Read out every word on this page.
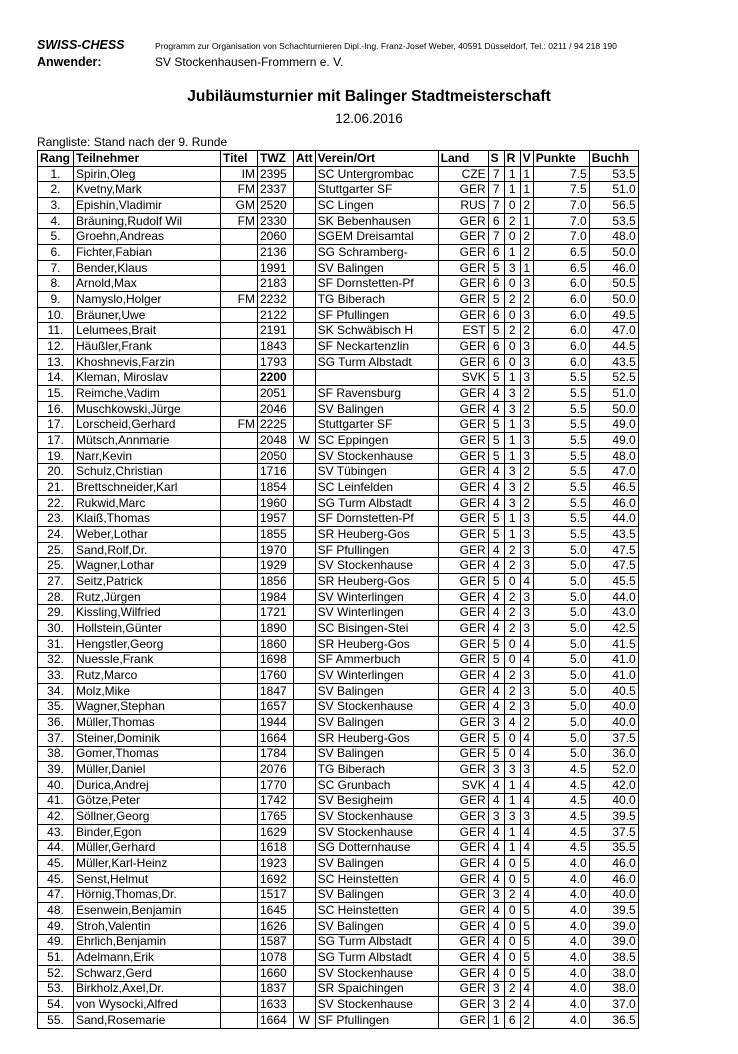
SWISS-CHESS	Programm zur Organisation von Schachturnieren Dipl.-Ing. Franz-Josef Weber, 40591 Düsseldorf, Tel.: 0211 / 94 218 190
Anwender:	SV Stockenhausen-Frommern e. V.
Jubiläumsturnier mit Balinger Stadtmeisterschaft
12.06.2016
Rangliste: Stand nach der 9. Runde
Rang	Teilnehmer	Titel	TWZ	Att	Verein/Ort	Land	S	R	V	Punkte	Buchh
1.	Spirin,Oleg	IM	2395		SC Untergrombac	CZE	7	1	1	7.5	53.5
2.	Kvetny,Mark	FM	2337		Stuttgarter SF	GER	7	1	1	7.5	51.0
3.	Epishin,Vladimir	GM	2520		SC Lingen	RUS	7	0	2	7.0	56.5
4.	Bräuning,Rudolf Wil	FM	2330		SK Bebenhausen	GER	6	2	1	7.0	53.5
5.	Groehn,Andreas		2060		SGEM Dreisamtal	GER	7	0	2	7.0	48.0
6.	Fichter,Fabian		2136		SG Schramberg-	GER	6	1	2	6.5	50.0
7.	Bender,Klaus		1991		SV Balingen	GER	5	3	1	6.5	46.0
8.	Arnold,Max		2183		SF Dornstetten-Pf	GER	6	0	3	6.0	50.5
9.	Namyslo,Holger	FM	2232		TG Biberach	GER	5	2	2	6.0	50.0
10.	Bräuner,Uwe		2122		SF Pfullingen	GER	6	0	3	6.0	49.5
11.	Lelumees,Brait		2191		SK Schwäbisch H	EST	5	2	2	6.0	47.0
12.	Häußler,Frank		1843		SF Neckartenzlin	GER	6	0	3	6.0	44.5
13.	Khoshnevis,Farzin		1793		SG Turm Albstadt	GER	6	0	3	6.0	43.5
14.	Kleman, Miroslav		2200			SVK	5	1	3	5.5	52.5
15.	Reimche,Vadim		2051		SF Ravensburg	GER	4	3	2	5.5	51.0
16.	Muschkowski,Jürge		2046		SV Balingen	GER	4	3	2	5.5	50.0
17.	Lorscheid,Gerhard	FM	2225		Stuttgarter SF	GER	5	1	3	5.5	49.0
17.	Mütsch,Annmarie		2048	W	SC Eppingen	GER	5	1	3	5.5	49.0
19.	Narr,Kevin		2050		SV Stockenhause	GER	5	1	3	5.5	48.0
20.	Schulz,Christian		1716		SV Tübingen	GER	4	3	2	5.5	47.0
21.	Brettschneider,Karl		1854		SC Leinfelden	GER	4	3	2	5.5	46.5
22.	Rukwid,Marc		1960		SG Turm Albstadt	GER	4	3	2	5.5	46.0
23.	Klaiß,Thomas		1957		SF Dornstetten-Pf	GER	5	1	3	5.5	44.0
24.	Weber,Lothar		1855		SR Heuberg-Gos	GER	5	1	3	5.5	43.5
25.	Sand,Rolf,Dr.		1970		SF Pfullingen	GER	4	2	3	5.0	47.5
25.	Wagner,Lothar		1929		SV Stockenhause	GER	4	2	3	5.0	47.5
27.	Seitz,Patrick		1856		SR Heuberg-Gos	GER	5	0	4	5.0	45.5
28.	Rutz,Jürgen		1984		SV Winterlingen	GER	4	2	3	5.0	44.0
29.	Kissling,Wilfried		1721		SV Winterlingen	GER	4	2	3	5.0	43.0
30.	Hollstein,Günter		1890		SC Bisingen-Stei	GER	4	2	3	5.0	42.5
31.	Hengstler,Georg		1860		SR Heuberg-Gos	GER	5	0	4	5.0	41.5
32.	Nuessle,Frank		1698		SF Ammerbuch	GER	5	0	4	5.0	41.0
33.	Rutz,Marco		1760		SV Winterlingen	GER	4	2	3	5.0	41.0
34.	Molz,Mike		1847		SV Balingen	GER	4	2	3	5.0	40.5
35.	Wagner,Stephan		1657		SV Stockenhause	GER	4	2	3	5.0	40.0
36.	Müller,Thomas		1944		SV Balingen	GER	3	4	2	5.0	40.0
37.	Steiner,Dominik		1664		SR Heuberg-Gos	GER	5	0	4	5.0	37.5
38.	Gomer,Thomas		1784		SV Balingen	GER	5	0	4	5.0	36.0
39.	Müller,Daniel		2076		TG Biberach	GER	3	3	3	4.5	52.0
40.	Durica,Andrej		1770		SC Grunbach	SVK	4	1	4	4.5	42.0
41.	Götze,Peter		1742		SV Besigheim	GER	4	1	4	4.5	40.0
42.	Söllner,Georg		1765		SV Stockenhause	GER	3	3	3	4.5	39.5
43.	Binder,Egon		1629		SV Stockenhause	GER	4	1	4	4.5	37.5
44.	Müller,Gerhard		1618		SG Dotternhause	GER	4	1	4	4.5	35.5
45.	Müller,Karl-Heinz		1923		SV Balingen	GER	4	0	5	4.0	46.0
45.	Senst,Helmut		1692		SC Heinstetten	GER	4	0	5	4.0	46.0
47.	Hörnig,Thomas,Dr.		1517		SV Balingen	GER	3	2	4	4.0	40.0
48.	Esenwein,Benjamin		1645		SC Heinstetten	GER	4	0	5	4.0	39.5
49.	Stroh,Valentin		1626		SV Balingen	GER	4	0	5	4.0	39.0
49.	Ehrlich,Benjamin		1587		SG Turm Albstadt	GER	4	0	5	4.0	39.0
51.	Adelmann,Erik		1078		SG Turm Albstadt	GER	4	0	5	4.0	38.5
52.	Schwarz,Gerd		1660		SV Stockenhause	GER	4	0	5	4.0	38.0
53.	Birkholz,Axel,Dr.		1837		SR Spaichingen	GER	3	2	4	4.0	38.0
54.	von Wysocki,Alfred		1633		SV Stockenhause	GER	3	2	4	4.0	37.0
55.	Sand,Rosemarie		1664	W	SF Pfullingen	GER	1	6	2	4.0	36.5
